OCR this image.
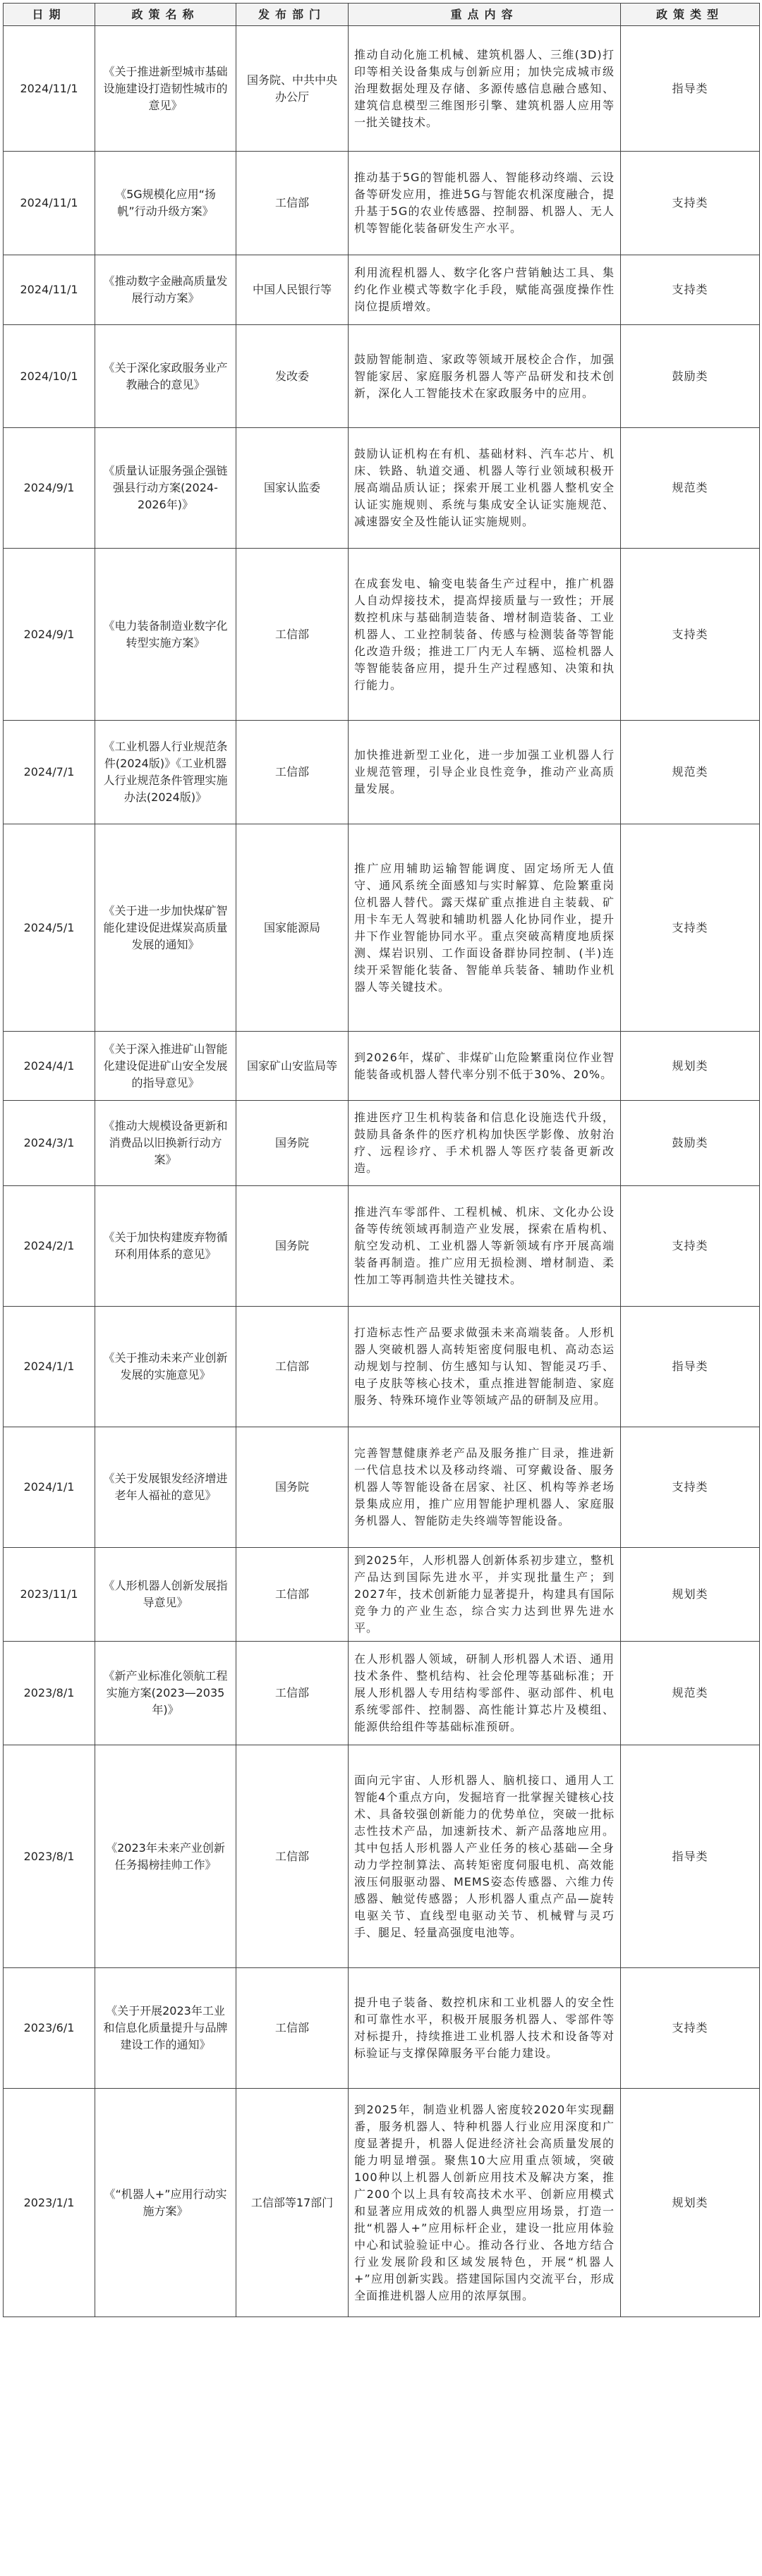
日期	政策名称	发布部门	重点内容	政策类型
2024/11/1	《关于推进新型城市基础设施建设打造韧性城市的意见》	国务院、中共中央办公厅	推动自动化施工机械、建筑机器人、三维(3D)打印等相关设备集成与创新应用；加快完成城市级治理数据处理及存储、多源传感信息融合感知、建筑信息模型三维图形引擎、建筑机器人应用等一批关键技术。	指导类
2024/11/1	《5G规模化应用“扬帆”行动升级方案》	工信部	推动基于5G的智能机器人、智能移动终端、云设备等研发应用，推进5G与智能农机深度融合，提升基于5G的农业传感器、控制器、机器人、无人机等智能化装备研发生产水平。	支持类
2024/11/1	《推动数字金融高质量发展行动方案》	中国人民银行等	利用流程机器人、数字化客户营销触达工具、集约化作业模式等数字化手段，赋能高强度操作性岗位提质增效。	支持类
2024/10/1	《关于深化家政服务业产教融合的意见》	发改委	鼓励智能制造、家政等领域开展校企合作，加强智能家居、家庭服务机器人等产品研发和技术创新，深化人工智能技术在家政服务中的应用。	鼓励类
2024/9/1	《质量认证服务强企强链强县行动方案(2024-2026年)》	国家认监委	鼓励认证机构在有机、基础材料、汽车芯片、机床、铁路、轨道交通、机器人等行业领域积极开展高端品质认证；探索开展工业机器人整机安全认证实施规则、系统与集成安全认证实施规范、减速器安全及性能认证实施规则。	规范类
2024/9/1	《电力装备制造业数字化转型实施方案》	工信部	在成套发电、输变电装备生产过程中，推广机器人自动焊接技术，提高焊接质量与一致性；开展数控机床与基础制造装备、增材制造装备、工业机器人、工业控制装备、传感与检测装备等智能化改造升级；推进工厂内无人车辆、巡检机器人等智能装备应用，提升生产过程感知、决策和执行能力。	支持类
2024/7/1	《工业机器人行业规范条件(2024版)》《工业机器人行业规范条件管理实施办法(2024版)》	工信部	加快推进新型工业化，进一步加强工业机器人行业规范管理，引导企业良性竞争，推动产业高质量发展。	规范类
2024/5/1	《关于进一步加快煤矿智能化建设促进煤炭高质量发展的通知》	国家能源局	推广应用辅助运输智能调度、固定场所无人值守、通风系统全面感知与实时解算、危险繁重岗位机器人替代。露天煤矿重点推进自主装载、矿用卡车无人驾驶和辅助机器人化协同作业，提升井下作业智能协同水平。重点突破高精度地质探测、煤岩识别、工作面设备群协同控制、(半)连续开采智能化装备、智能单兵装备、辅助作业机器人等关键技术。	支持类
2024/4/1	《关于深入推进矿山智能化建设促进矿山安全发展的指导意见》	国家矿山安监局等	到2026年，煤矿、非煤矿山危险繁重岗位作业智能装备或机器人替代率分别不低于30%、20%。	规划类
2024/3/1	《推动大规模设备更新和消费品以旧换新行动方案》	国务院	推进医疗卫生机构装备和信息化设施迭代升级，鼓励具备条件的医疗机构加快医学影像、放射治疗、远程诊疗、手术机器人等医疗装备更新改造。	鼓励类
2024/2/1	《关于加快构建废弃物循环利用体系的意见》	国务院	推进汽车零部件、工程机械、机床、文化办公设备等传统领域再制造产业发展，探索在盾构机、航空发动机、工业机器人等新领域有序开展高端装备再制造。推广应用无损检测、增材制造、柔性加工等再制造共性关键技术。	支持类
2024/1/1	《关于推动未来产业创新发展的实施意见》	工信部	打造标志性产品要求做强未来高端装备。人形机器人突破机器人高转矩密度伺服电机、高动态运动规划与控制、仿生感知与认知、智能灵巧手、电子皮肤等核心技术，重点推进智能制造、家庭服务、特殊环境作业等领域产品的研制及应用。	指导类
2024/1/1	《关于发展银发经济增进老年人福祉的意见》	国务院	完善智慧健康养老产品及服务推广目录，推进新一代信息技术以及移动终端、可穿戴设备、服务机器人等智能设备在居家、社区、机构等养老场景集成应用，推广应用智能护理机器人、家庭服务机器人、智能防走失终端等智能设备。	支持类
2023/11/1	《人形机器人创新发展指导意见》	工信部	到2025年，人形机器人创新体系初步建立，整机产品达到国际先进水平，并实现批量生产；到2027年，技术创新能力显著提升，构建具有国际竞争力的产业生态，综合实力达到世界先进水平。	规划类
2023/8/1	《新产业标准化领航工程实施方案(2023—2035年)》	工信部	在人形机器人领域，研制人形机器人术语、通用技术条件、整机结构、社会伦理等基础标准；开展人形机器人专用结构零部件、驱动部件、机电系统零部件、控制器、高性能计算芯片及模组、能源供给组件等基础标准预研。	规范类
2023/8/1	《2023年未来产业创新任务揭榜挂帅工作》	工信部	面向元宇宙、人形机器人、脑机接口、通用人工智能4个重点方向，发掘培育一批掌握关键核心技术、具备较强创新能力的优势单位，突破一批标志性技术产品，加速新技术、新产品落地应用。其中包括人形机器人产业任务的核心基础—全身动力学控制算法、高转矩密度伺服电机、高效能液压伺服驱动器、MEMS姿态传感器、六维力传感器、触觉传感器；人形机器人重点产品—旋转电驱关节、直线型电驱动关节、机械臂与灵巧手、腿足、轻量高强度电池等。	指导类
2023/6/1	《关于开展2023年工业和信息化质量提升与品牌建设工作的通知》	工信部	提升电子装备、数控机床和工业机器人的安全性和可靠性水平，积极开展服务机器人、零部件等对标提升，持续推进工业机器人技术和设备等对标验证与支撑保障服务平台能力建设。	支持类
2023/1/1	《“机器人+”应用行动实施方案》	工信部等17部门	到2025年，制造业机器人密度较2020年实现翻番，服务机器人、特种机器人行业应用深度和广度显著提升，机器人促进经济社会高质量发展的能力明显增强。聚焦10大应用重点领域，突破100种以上机器人创新应用技术及解决方案，推广200个以上具有较高技术水平、创新应用模式和显著应用成效的机器人典型应用场景，打造一批“机器人+”应用标杆企业，建设一批应用体验中心和试验验证中心。推动各行业、各地方结合行业发展阶段和区域发展特色，开展“机器人+”应用创新实践。搭建国际国内交流平台，形成全面推进机器人应用的浓厚氛围。	规划类
